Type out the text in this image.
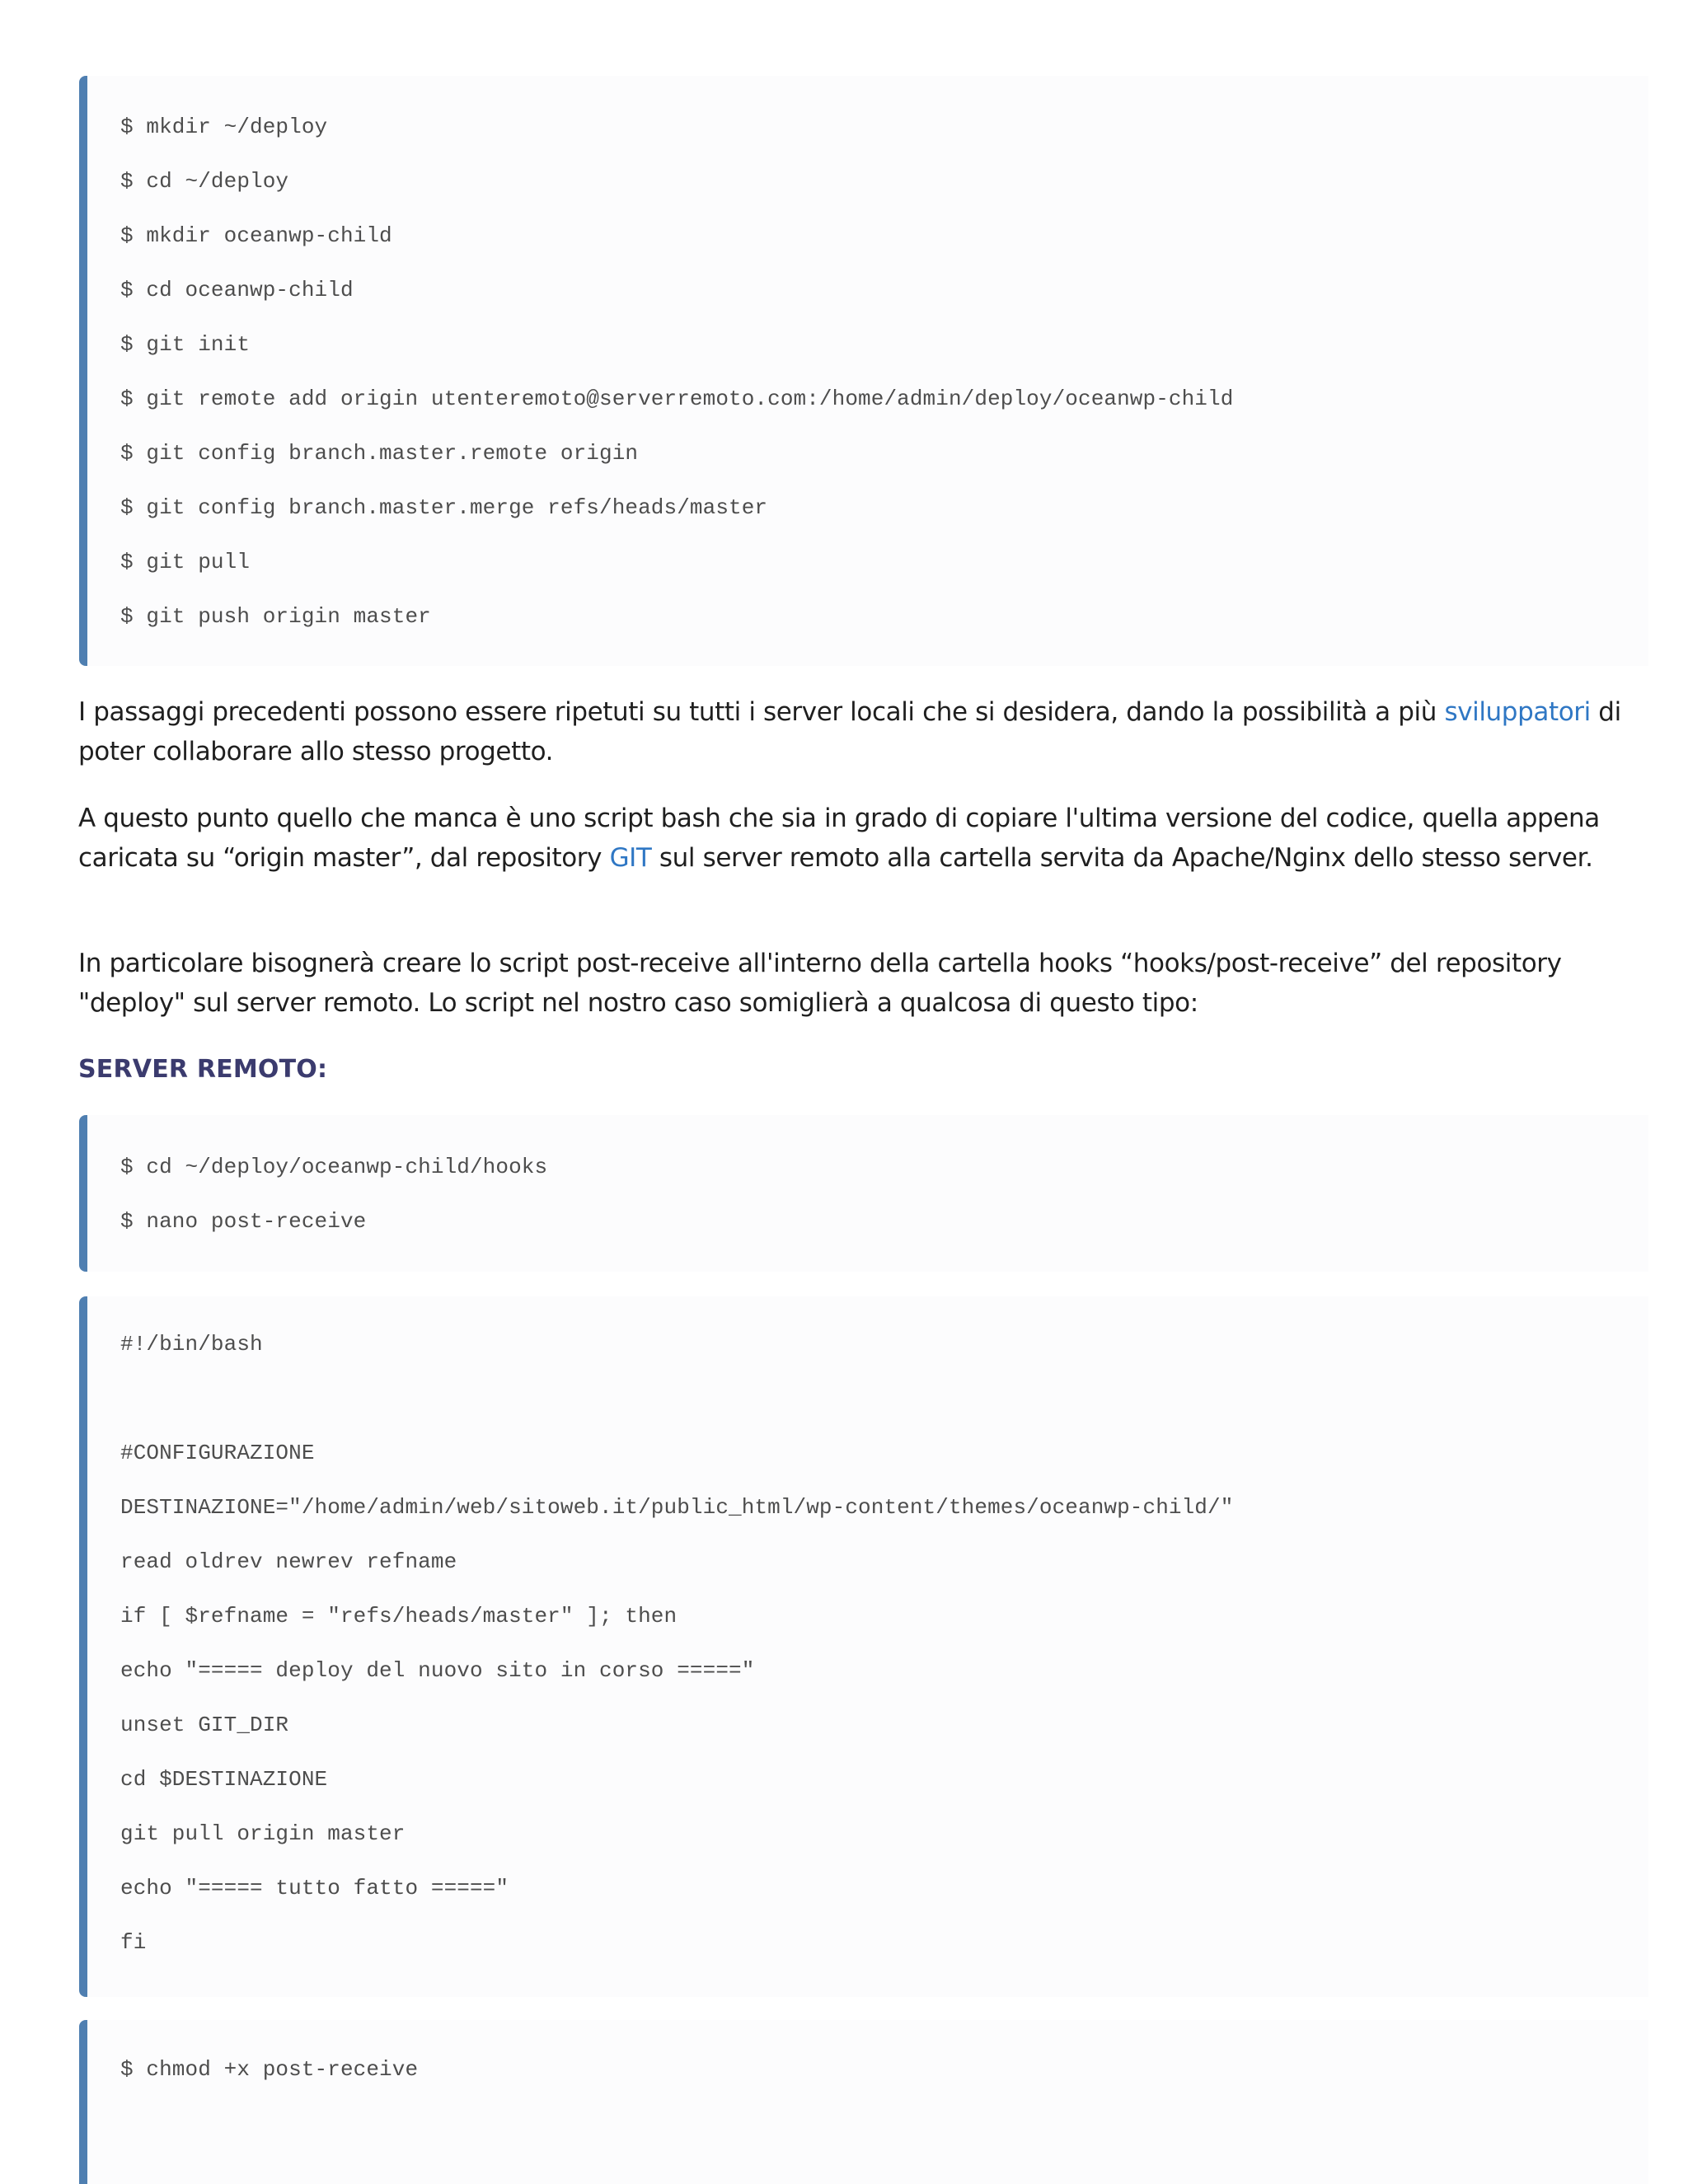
$ mkdir ~/deploy
$ cd ~/deploy
$ mkdir oceanwp-child
$ cd oceanwp-child
$ git init
$ git remote add origin utenteremoto@serverremoto.com:/home/admin/deploy/oceanwp-child
$ git config branch.master.remote origin
$ git config branch.master.merge refs/heads/master
$ git pull
$ git push origin master

I passaggi precedenti possono essere ripetuti su tutti i server locali che si desidera, dando la possibilità a più sviluppatori di poter collaborare allo stesso progetto.

A questo punto quello che manca è uno script bash che sia in grado di copiare l'ultima versione del codice, quella appena caricata su “origin master”, dal repository GIT sul server remoto alla cartella servita da Apache/Nginx dello stesso server.

In particolare bisognerà creare lo script post-receive all'interno della cartella hooks “hooks/post-receive” del repository "deploy" sul server remoto. Lo script nel nostro caso somiglierà a qualcosa di questo tipo:

SERVER REMOTO:
$ cd ~/deploy/oceanwp-child/hooks
$ nano post-receive
#!/bin/bash
#CONFIGURAZIONE
DESTINAZIONE="/home/admin/web/sitoweb.it/public_html/wp-content/themes/oceanwp-child/"
read oldrev newrev refname
if [ $refname = "refs/heads/master" ]; then
echo "===== deploy del nuovo sito in corso ====="
unset GIT_DIR
cd $DESTINAZIONE
git pull origin master
echo "===== tutto fatto ====="
fi
$ chmod +x post-receive
